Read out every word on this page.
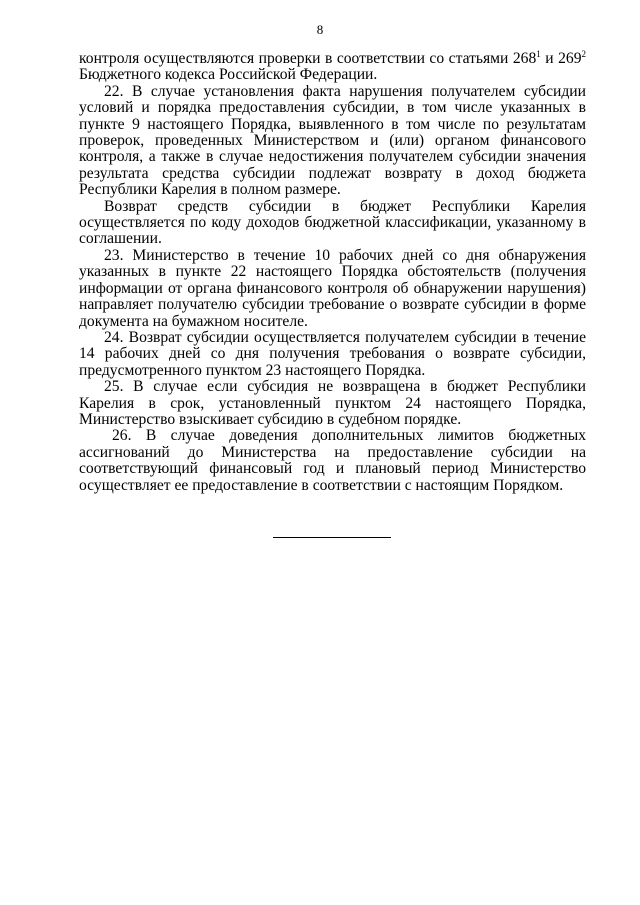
8

контроля осуществляются проверки в соответствии со статьями $268^1$ и $269^2$ Бюджетного кодекса Российской Федерации.

22. В случае установления факта нарушения получателем субсидии условий и порядка предоставления субсидии, в том числе указанных в пункте 9 настоящего Порядка, выявленного в том числе по результатам проверок, проведенных Министерством и (или) органом финансового контроля, а также в случае недостижения получателем субсидии значения результата средства субсидии подлежат возврату в доход бюджета Республики Карелия в полном размере.

Возврат средств субсидии в бюджет Республики Карелия осуществляется по коду доходов бюджетной классификации, указанному в соглашении.

23. Министерство в течение 10 рабочих дней со дня обнаружения указанных в пункте 22 настоящего Порядка обстоятельств (получения информации от органа финансового контроля об обнаружении нарушения) направляет получателю субсидии требование о возврате субсидии в форме документа на бумажном носителе.

24. Возврат субсидии осуществляется получателем субсидии в течение 14 рабочих дней со дня получения требования о возврате субсидии, предусмотренного пунктом 23 настоящего Порядка.

25. В случае если субсидия не возвращена в бюджет Республики Карелия в срок, установленный пунктом 24 настоящего Порядка, Министерство взыскивает субсидию в судебном порядке.

26. В случае доведения дополнительных лимитов бюджетных ассигнований до Министерства на предоставление субсидии на соответствующий финансовый год и плановый период Министерство осуществляет ее предоставление в соответствии с настоящим Порядком.
